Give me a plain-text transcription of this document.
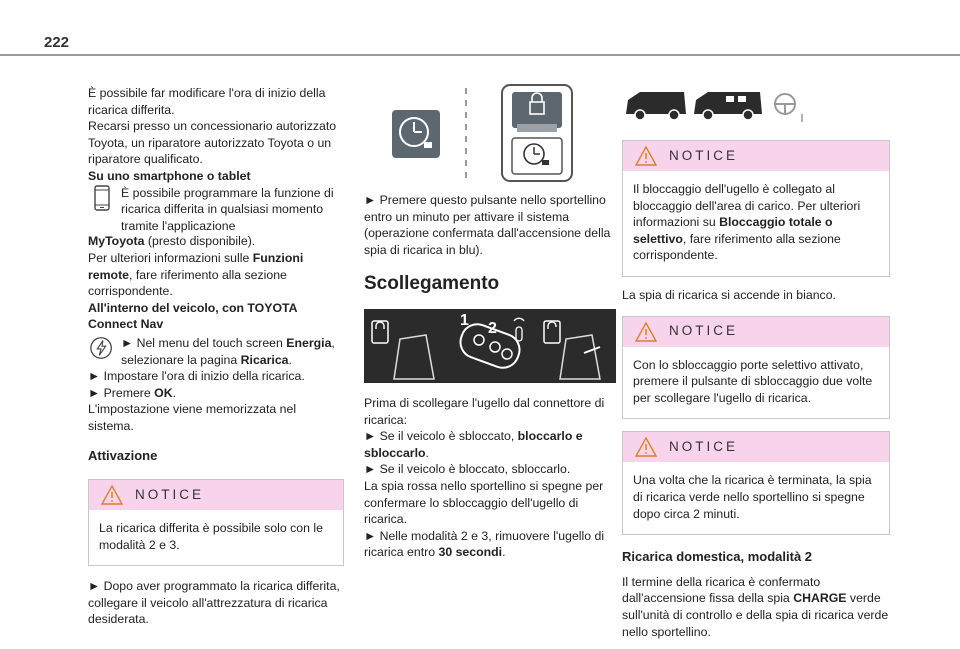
222

È possibile far modificare l'ora di inizio della ricarica differita.

Recarsi presso un concessionario autorizzato Toyota, un riparatore autorizzato Toyota o un riparatore qualificato.

Su uno smartphone o tablet

È possibile programmare la funzione di ricarica differita in qualsiasi momento tramite l'applicazione

MyToyota (presto disponibile).

Per ulteriori informazioni sulle Funzioni remote, fare riferimento alla sezione corrispondente.

All'interno del veicolo, con TOYOTA Connect Nav

► Nel menu del touch screen Energia, selezionare la pagina Ricarica.

► Impostare l'ora di inizio della ricarica.

► Premere OK.

L'impostazione viene memorizzata nel sistema.

Attivazione
NOTICE
La ricarica differita è possibile solo con le modalità 2 e 3.

► Dopo aver programmato la ricarica differita, collegare il veicolo all'attrezzatura di ricarica desiderata.

► Premere questo pulsante nello sportellino entro un minuto per attivare il sistema (operazione confermata dall'accensione della spia di ricarica in blu).

Scollegamento
1 2

Prima di scollegare l'ugello dal connettore di ricarica:

► Se il veicolo è sbloccato, bloccarlo e sbloccarlo.

► Se il veicolo è bloccato, sbloccarlo.

La spia rossa nello sportellino si spegne per confermare lo sbloccaggio dell'ugello di ricarica.

► Nelle modalità 2 e 3, rimuovere l'ugello di ricarica entro 30 secondi.

NOTICE
Il bloccaggio dell'ugello è collegato al bloccaggio dell'area di carico. Per ulteriori informazioni su Bloccaggio totale o selettivo, fare riferimento alla sezione corrispondente.

La spia di ricarica si accende in bianco.

NOTICE
Con lo sbloccaggio porte selettivo attivato, premere il pulsante di sbloccaggio due volte per scollegare l'ugello di ricarica.
NOTICE
Una volta che la ricarica è terminata, la spia di ricarica verde nello sportellino si spegne dopo circa 2 minuti.
Ricarica domestica, modalità 2

Il termine della ricarica è confermato dall'accensione fissa della spia CHARGE verde sull'unità di controllo e della spia di ricarica verde nello sportellino.
